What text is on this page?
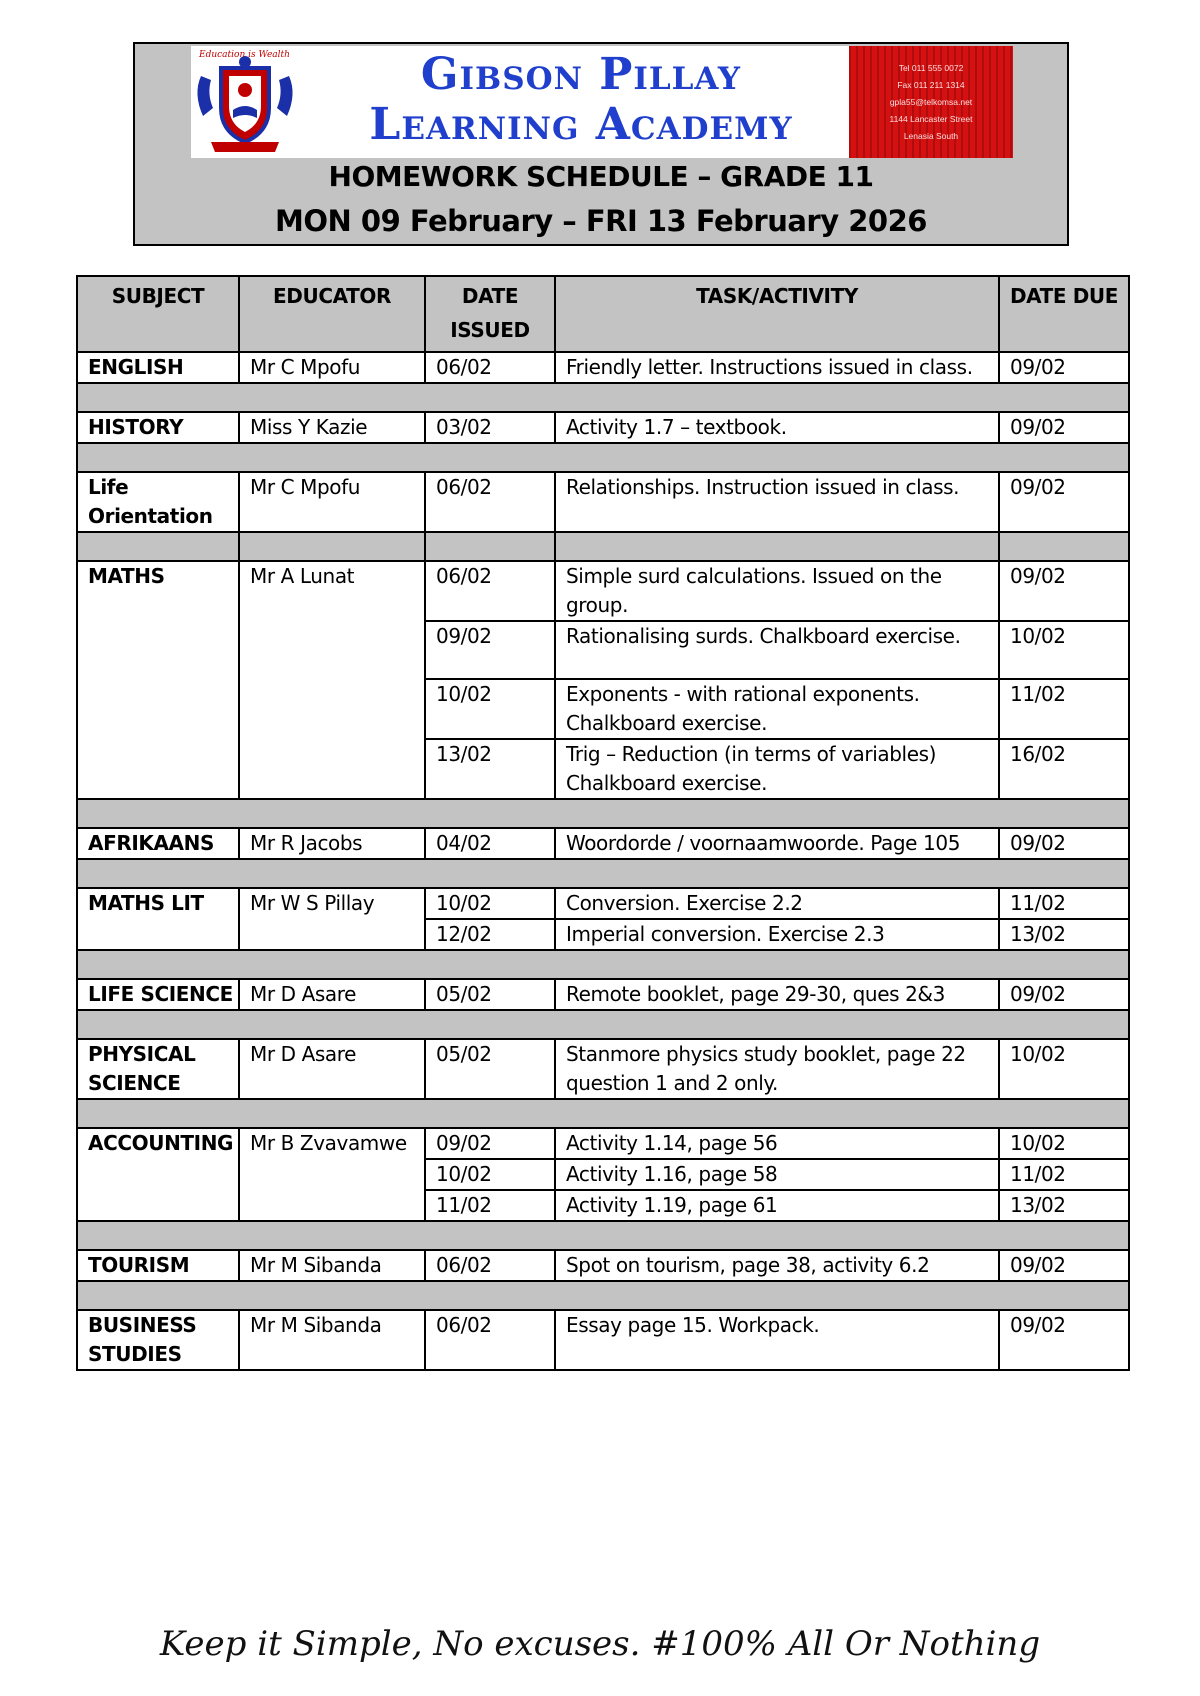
Education is Wealth	Gibson Pillay
Learning Academy
Tel 011 555 0072
Fax 011 211 1314
gpla55@telkomsa.net
1144 Lancaster Street
Lenasia South
HOMEWORK SCHEDULE – GRADE 11
MON 09 February – FRI 13 February 2026
SUBJECT	EDUCATOR	DATE ISSUED	TASK/ACTIVITY	DATE DUE
ENGLISH	Mr C Mpofu	06/02	Friendly letter. Instructions issued in class.	09/02

HISTORY	Miss Y Kazie	03/02	Activity 1.7 – textbook.	09/02

Life Orientation	Mr C Mpofu	06/02	Relationships. Instruction issued in class.	09/02

MATHS	Mr A Lunat	06/02	Simple surd calculations. Issued on the group.	09/02
		09/02	Rationalising surds. Chalkboard exercise.	10/02
		10/02	Exponents - with rational exponents. Chalkboard exercise.	11/02
		13/02	Trig – Reduction (in terms of variables) Chalkboard exercise.	16/02

AFRIKAANS	Mr R Jacobs	04/02	Woordorde / voornaamwoorde. Page 105	09/02

MATHS LIT	Mr W S Pillay	10/02	Conversion. Exercise 2.2	11/02
		12/02	Imperial conversion. Exercise 2.3	13/02

LIFE SCIENCE	Mr D Asare	05/02	Remote booklet, page 29-30, ques 2&3	09/02

PHYSICAL SCIENCE	Mr D Asare	05/02	Stanmore physics study booklet, page 22 question 1 and 2 only.	10/02

ACCOUNTING	Mr B Zvavamwe	09/02	Activity 1.14, page 56	10/02
		10/02	Activity 1.16, page 58	11/02
		11/02	Activity 1.19, page 61	13/02

TOURISM	Mr M Sibanda	06/02	Spot on tourism, page 38, activity 6.2	09/02

BUSINESS STUDIES	Mr M Sibanda	06/02	Essay page 15. Workpack.	09/02
Keep it Simple, No excuses. #100% All Or Nothing
